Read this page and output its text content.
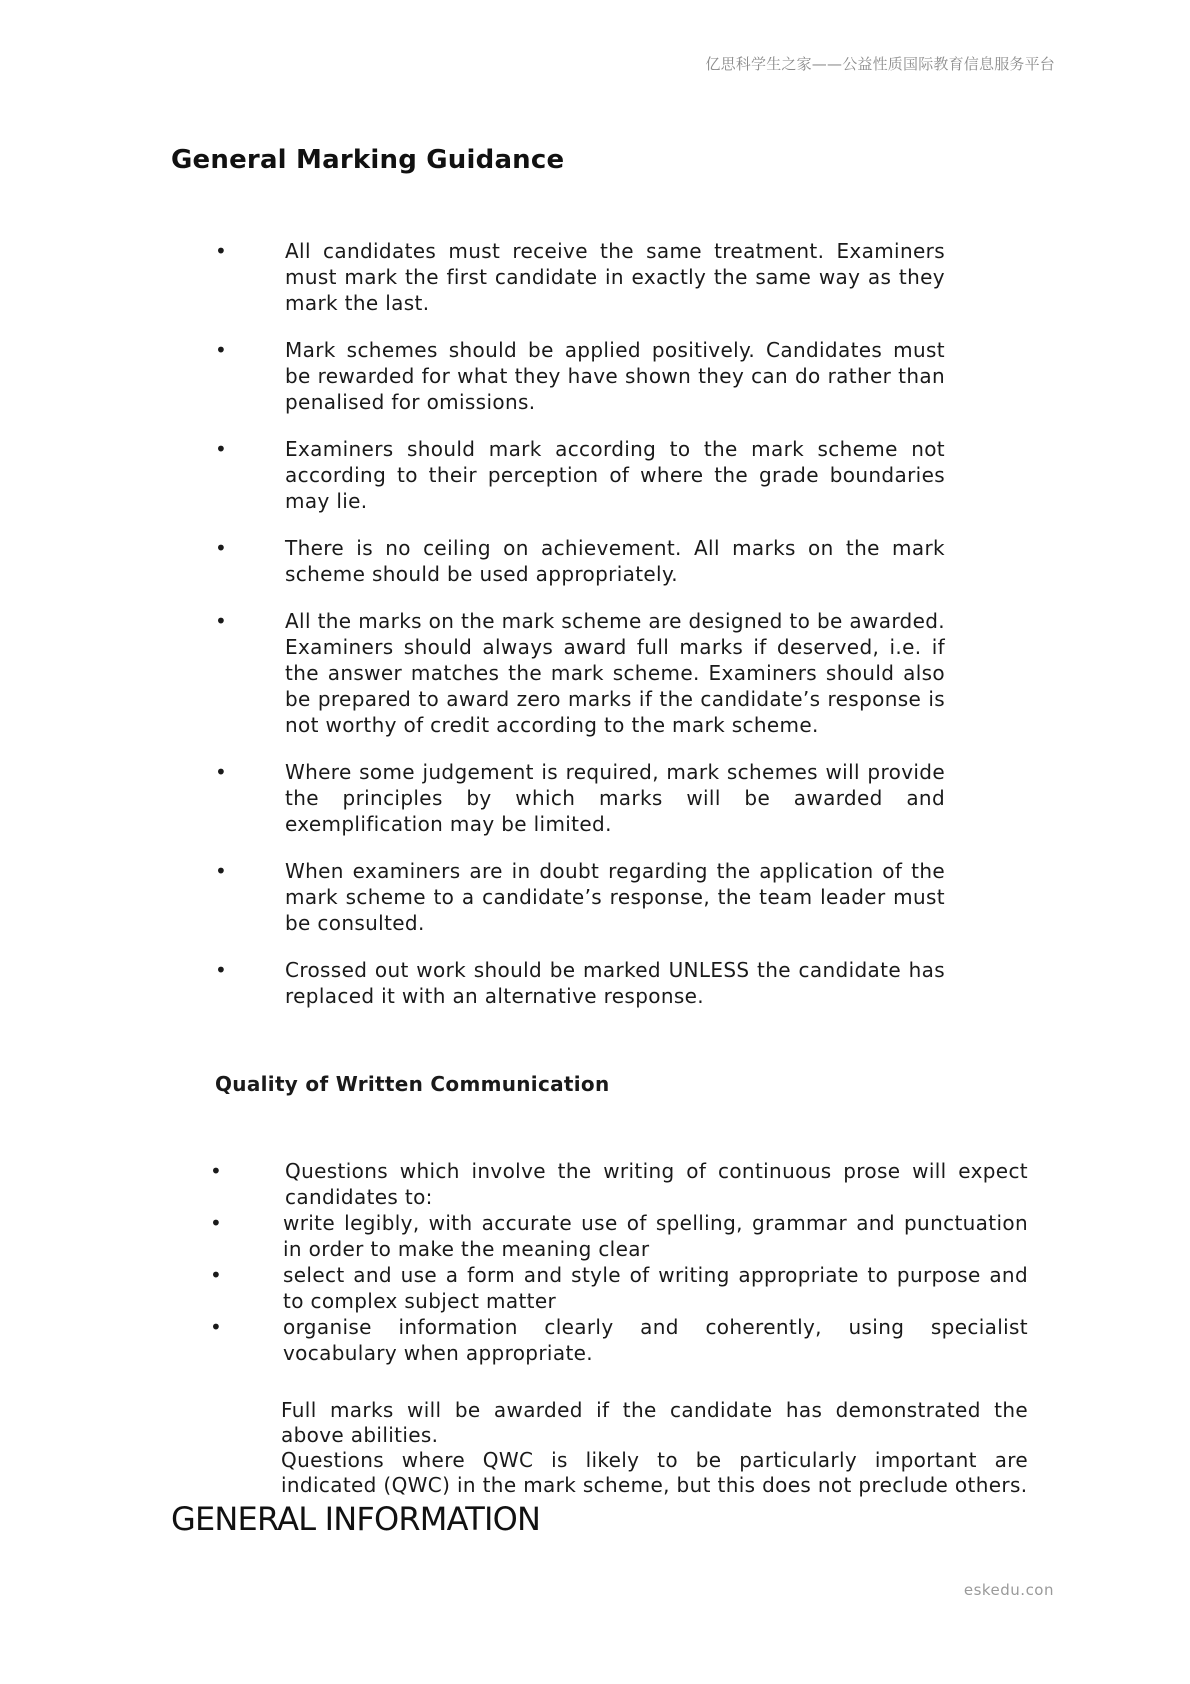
亿思科学生之家——公益性质国际教育信息服务平台
General Marking Guidance
•	All candidates must receive the same treatment. Examiners must mark the first candidate in exactly the same way as they mark the last.
•	Mark schemes should be applied positively. Candidates must be rewarded for what they have shown they can do rather than penalised for omissions.
•	Examiners should mark according to the mark scheme not according to their perception of where the grade boundaries may lie.
•	There is no ceiling on achievement. All marks on the mark scheme should be used appropriately.
•	All the marks on the mark scheme are designed to be awarded. Examiners should always award full marks if deserved, i.e. if the answer matches the mark scheme. Examiners should also be prepared to award zero marks if the candidate’s response is not worthy of credit according to the mark scheme.
•	Where some judgement is required, mark schemes will provide the principles by which marks will be awarded and exemplification may be limited.
•	When examiners are in doubt regarding the application of the mark scheme to a candidate’s response, the team leader must be consulted.
•	Crossed out work should be marked UNLESS the candidate has replaced it with an alternative response.
Quality of Written Communication
•	Questions which involve the writing of continuous prose will expect candidates to:
•	write legibly, with accurate use of spelling, grammar and punctuation in order to make the meaning clear
•	select and use a form and style of writing appropriate to purpose and to complex subject matter
•	organise information clearly and coherently, using specialist vocabulary when appropriate.

Full marks will be awarded if the candidate has demonstrated the above abilities.

Questions where QWC is likely to be particularly important are indicated (QWC) in the mark scheme, but this does not preclude others.

GENERAL INFORMATION
eskedu.con
